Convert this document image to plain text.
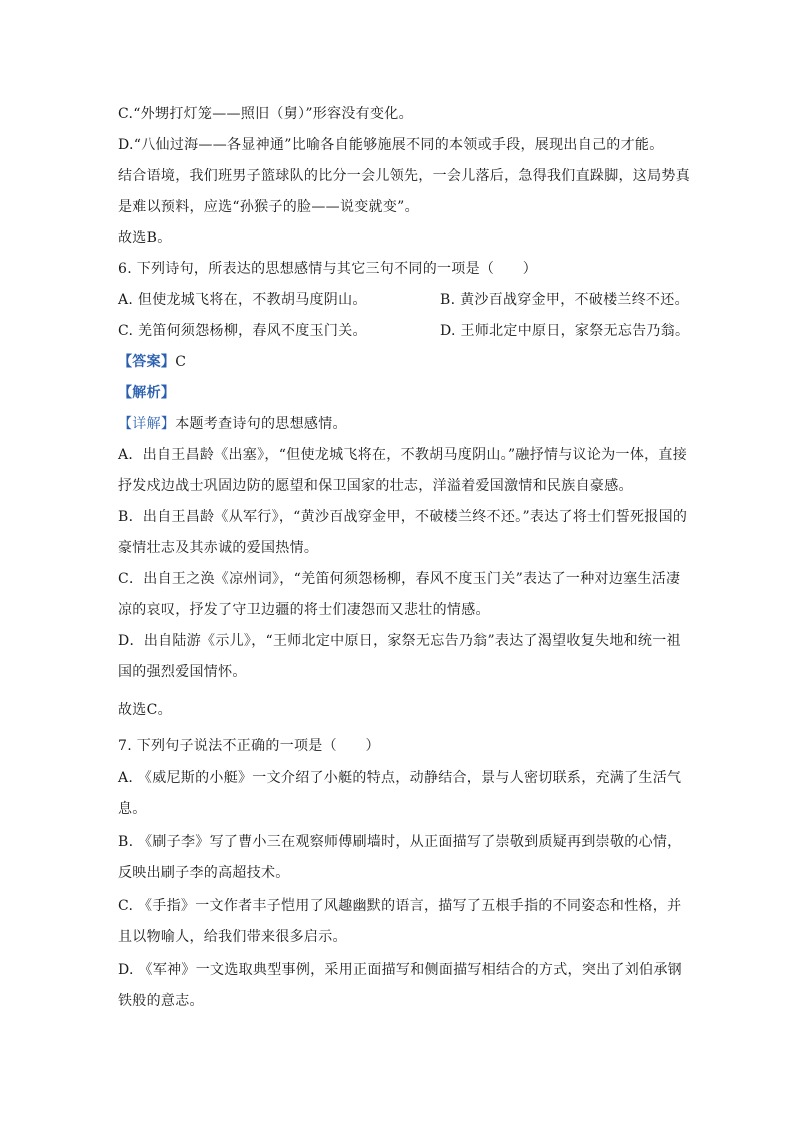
C.“外甥打灯笼——照旧（舅）”形容没有变化。
D.“八仙过海——各显神通”比喻各自能够施展不同的本领或手段，展现出自己的才能。
结合语境，我们班男子篮球队的比分一会儿领先，一会儿落后，急得我们直跺脚，这局势真
是难以预料，应选“孙猴子的脸——说变就变”。
故选B。
6. 下列诗句，所表达的思想感情与其它三句不同的一项是（　　）
A. 但使龙城飞将在，不教胡马度阴山。	B. 黄沙百战穿金甲，不破楼兰终不还。
C. 羌笛何须怨杨柳，春风不度玉门关。	D. 王师北定中原日，家祭无忘告乃翁。
【答案】C
【解析】
【详解】本题考查诗句的思想感情。
A．出自王昌龄《出塞》，“但使龙城飞将在，不教胡马度阴山。”融抒情与议论为一体，直接
抒发戍边战士巩固边防的愿望和保卫国家的壮志，洋溢着爱国激情和民族自豪感。
B．出自王昌龄《从军行》，“黄沙百战穿金甲，不破楼兰终不还。”表达了将士们誓死报国的
豪情壮志及其赤诚的爱国热情。
C．出自王之涣《凉州词》，“羌笛何须怨杨柳，春风不度玉门关”表达了一种对边塞生活凄
凉的哀叹，抒发了守卫边疆的将士们凄怨而又悲壮的情感。
D．出自陆游《示儿》，“王师北定中原日，家祭无忘告乃翁”表达了渴望收复失地和统一祖
国的强烈爱国情怀。
故选C。
7. 下列句子说法不正确的一项是（　　）
A. 《威尼斯的小艇》一文介绍了小艇的特点，动静结合，景与人密切联系，充满了生活气
息。
B. 《刷子李》写了曹小三在观察师傅刷墙时，从正面描写了崇敬到质疑再到崇敬的心情，
反映出刷子李的高超技术。
C. 《手指》一文作者丰子恺用了风趣幽默的语言，描写了五根手指的不同姿态和性格，并
且以物喻人，给我们带来很多启示。
D. 《军神》一文选取典型事例，采用正面描写和侧面描写相结合的方式，突出了刘伯承钢
铁般的意志。
